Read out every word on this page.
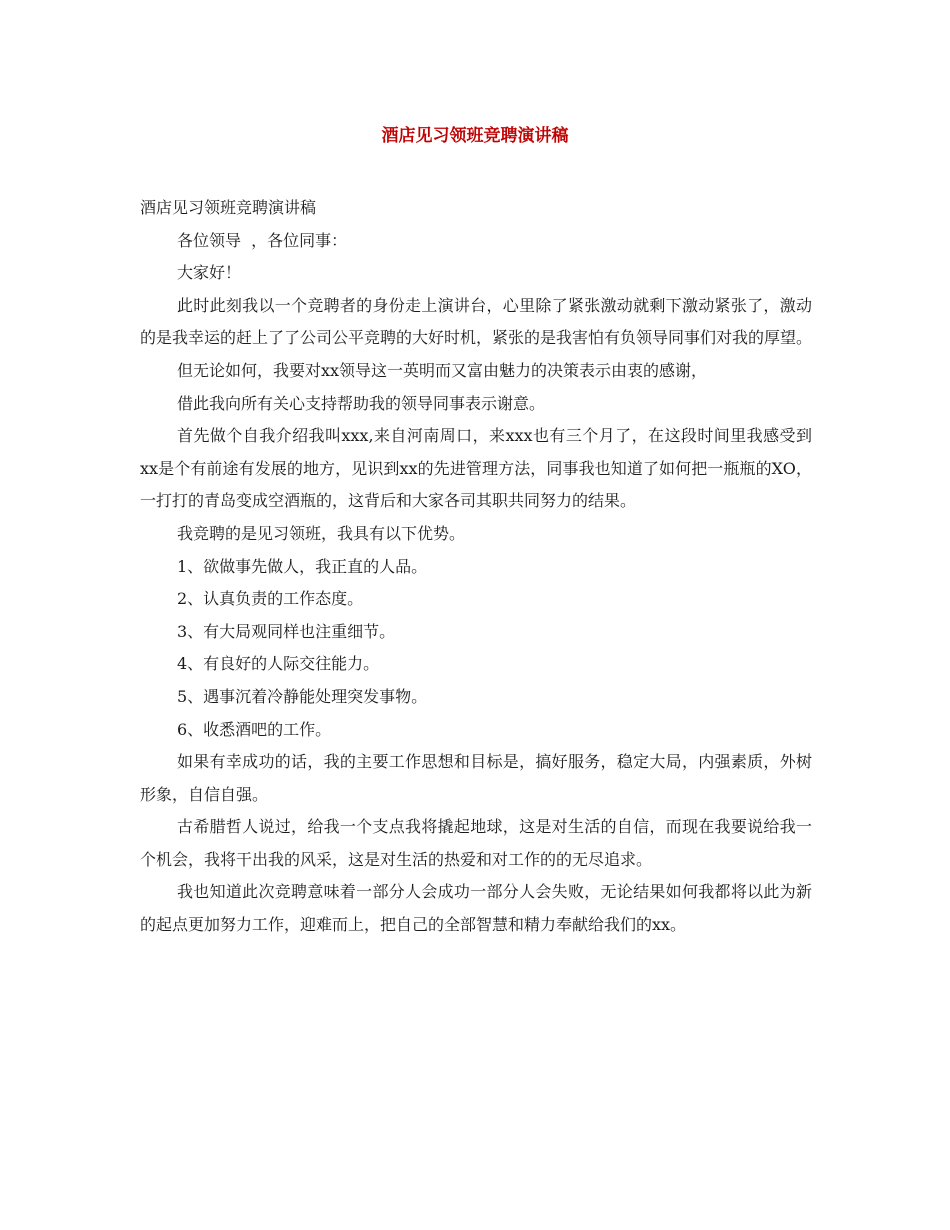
酒店见习领班竞聘演讲稿
酒店见习领班竞聘演讲稿
各位领导  ，各位同事：
大家好！
此时此刻我以一个竞聘者的身份走上演讲台，心里除了紧张激动就剩下激动紧张了，激动的是我幸运的赶上了了公司公平竞聘的大好时机，紧张的是我害怕有负领导同事们对我的厚望。
但无论如何，我要对xx领导这一英明而又富由魅力的决策表示由衷的感谢，
借此我向所有关心支持帮助我的领导同事表示谢意。
首先做个自我介绍我叫xxx,来自河南周口，来xxx也有三个月了，在这段时间里我感受到xx是个有前途有发展的地方，见识到xx的先进管理方法，同事我也知道了如何把一瓶瓶的XO，一打打的青岛变成空酒瓶的，这背后和大家各司其职共同努力的结果。
我竞聘的是见习领班，我具有以下优势。
1、欲做事先做人，我正直的人品。
2、认真负责的工作态度。
3、有大局观同样也注重细节。
4、有良好的人际交往能力。
5、遇事沉着冷静能处理突发事物。
6、收悉酒吧的工作。
如果有幸成功的话，我的主要工作思想和目标是，搞好服务，稳定大局，内强素质，外树形象，自信自强。
古希腊哲人说过，给我一个支点我将撬起地球，这是对生活的自信，而现在我要说给我一个机会，我将干出我的风采，这是对生活的热爱和对工作的的无尽追求。
我也知道此次竞聘意味着一部分人会成功一部分人会失败，无论结果如何我都将以此为新的起点更加努力工作，迎难而上，把自己的全部智慧和精力奉献给我们的xx。
